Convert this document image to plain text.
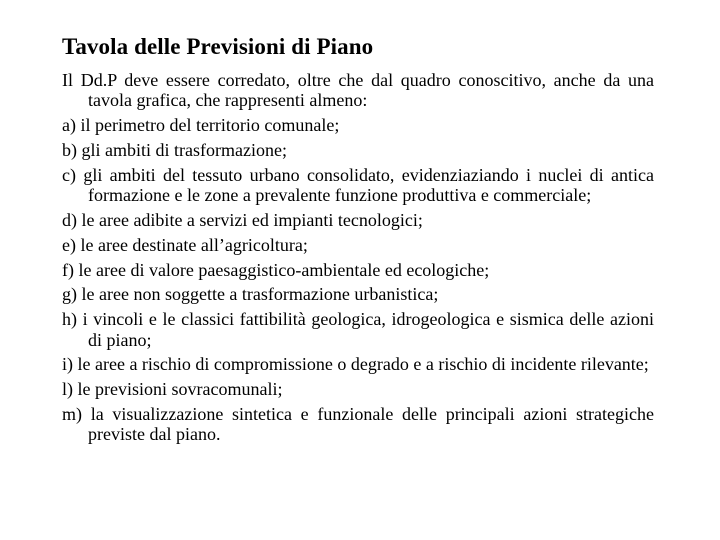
Tavola delle Previsioni di Piano
Il Dd.P deve essere corredato, oltre che dal quadro conoscitivo, anche da una tavola grafica, che rappresenti almeno:
a) il perimetro del territorio comunale;
b) gli ambiti di trasformazione;
c) gli ambiti del tessuto urbano consolidato, evidenziaziando i nuclei di antica formazione e le zone a prevalente funzione produttiva e commerciale;
d) le aree adibite a servizi ed impianti tecnologici;
e) le aree destinate all’agricoltura;
f) le aree di valore paesaggistico-ambientale ed ecologiche;
g) le aree non soggette a trasformazione urbanistica;
h) i vincoli e le classici fattibilità geologica, idrogeologica e sismica delle azioni di piano;
i) le aree a rischio di compromissione o degrado e a rischio di incidente rilevante;
l) le previsioni sovracomunali;
m) la visualizzazione sintetica e funzionale delle principali azioni strategiche previste dal piano.
